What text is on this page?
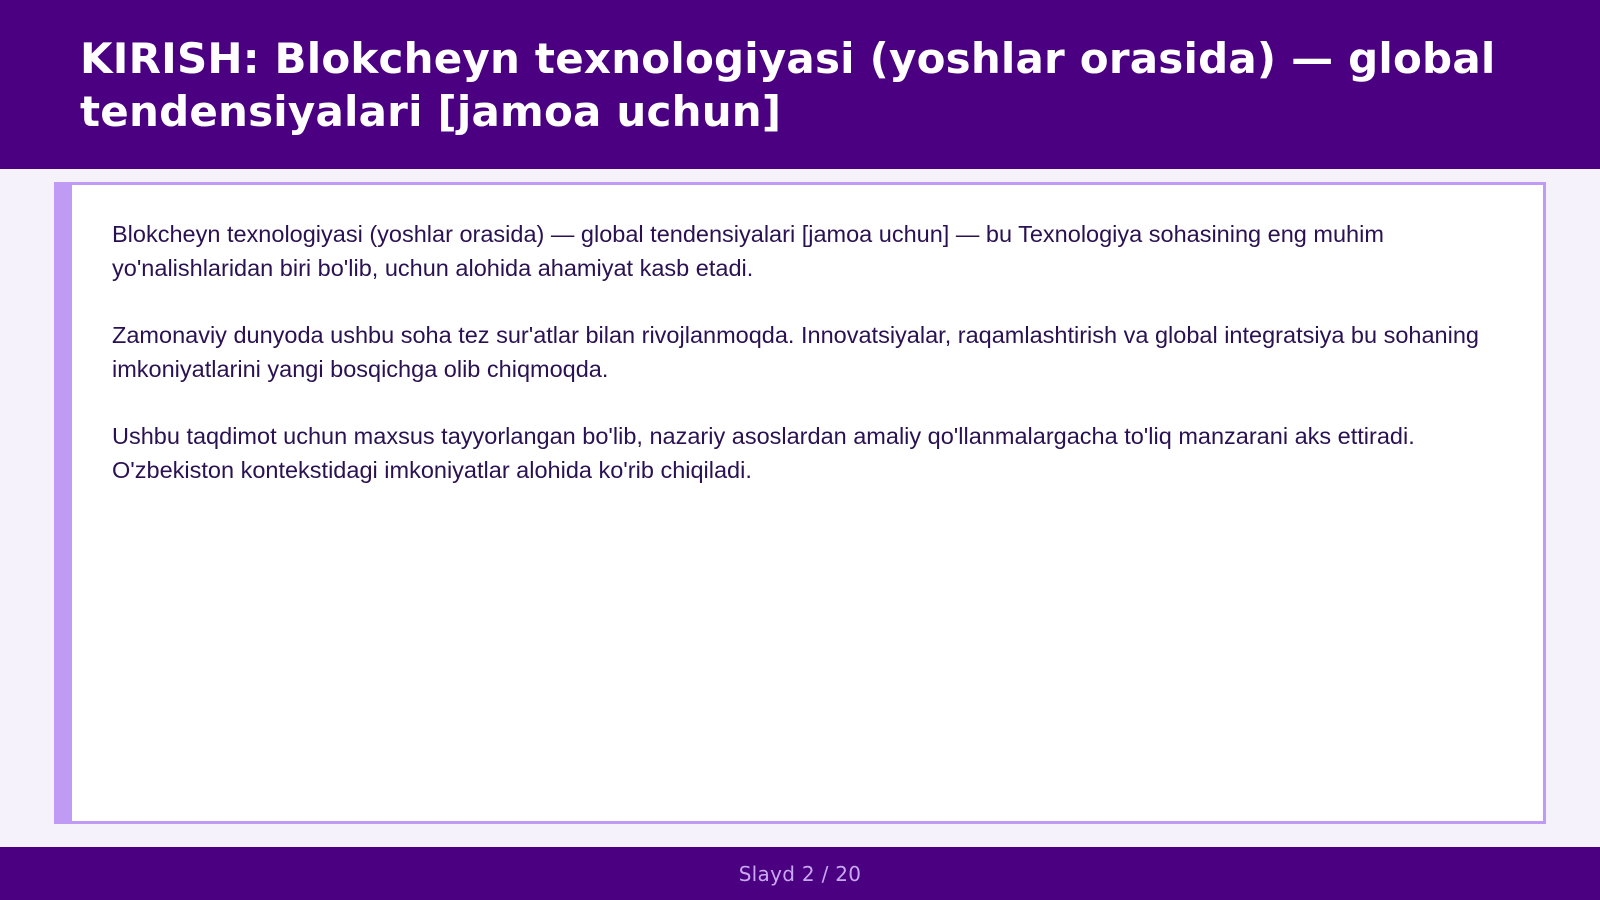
KIRISH: Blokcheyn texnologiyasi (yoshlar orasida) — global tendensiyalari [jamoa uchun]

Blokcheyn texnologiyasi (yoshlar orasida) — global tendensiyalari [jamoa uchun] — bu Texnologiya sohasining eng muhim yo'nalishlaridan biri bo'lib, uchun alohida ahamiyat kasb etadi.

Zamonaviy dunyoda ushbu soha tez sur'atlar bilan rivojlanmoqda. Innovatsiyalar, raqamlashtirish va global integratsiya bu sohaning imkoniyatlarini yangi bosqichga olib chiqmoqda.

Ushbu taqdimot uchun maxsus tayyorlangan bo'lib, nazariy asoslardan amaliy qo'llanmalargacha to'liq manzarani aks ettiradi. O'zbekiston kontekstidagi imkoniyatlar alohida ko'rib chiqiladi.

Slayd 2 / 20
